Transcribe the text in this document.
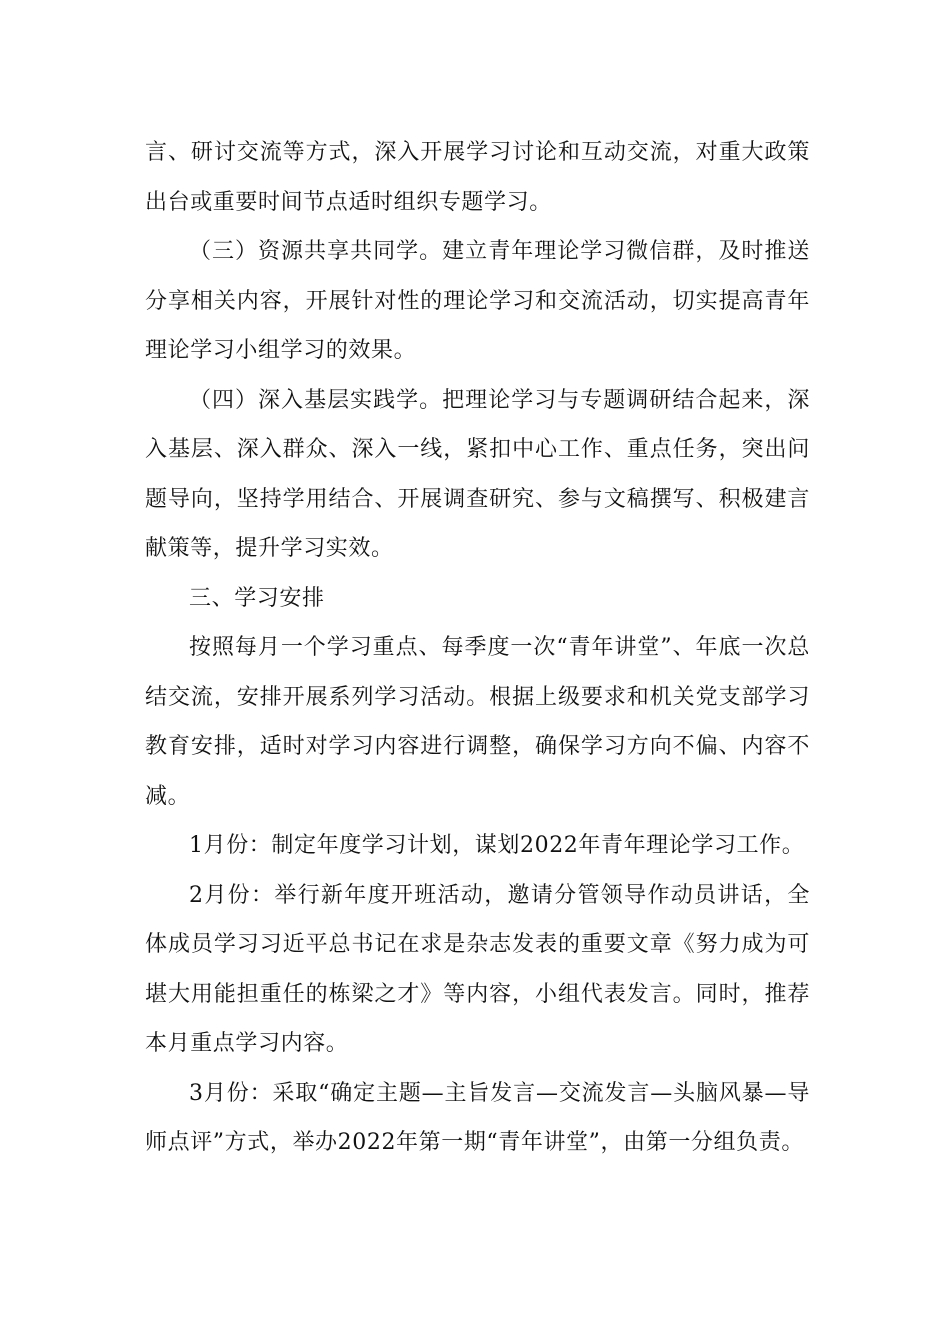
言、研讨交流等方式，深入开展学习讨论和互动交流，对重大政策出台或重要时间节点适时组织专题学习。

（三）资源共享共同学。建立青年理论学习微信群，及时推送分享相关内容，开展针对性的理论学习和交流活动，切实提高青年理论学习小组学习的效果。

（四）深入基层实践学。把理论学习与专题调研结合起来，深入基层、深入群众、深入一线，紧扣中心工作、重点任务，突出问题导向，坚持学用结合、开展调查研究、参与文稿撰写、积极建言献策等，提升学习实效。

三、学习安排

按照每月一个学习重点、每季度一次“青年讲堂”、年底一次总结交流，安排开展系列学习活动。根据上级要求和机关党支部学习教育安排，适时对学习内容进行调整，确保学习方向不偏、内容不减。

1月份：制定年度学习计划，谋划2022年青年理论学习工作。

2月份：举行新年度开班活动，邀请分管领导作动员讲话，全体成员学习习近平总书记在求是杂志发表的重要文章《努力成为可堪大用能担重任的栋梁之才》等内容，小组代表发言。同时，推荐本月重点学习内容。

3月份：采取“确定主题—主旨发言—交流发言—头脑风暴—导师点评”方式，举办2022年第一期“青年讲堂”，由第一分组负责。
